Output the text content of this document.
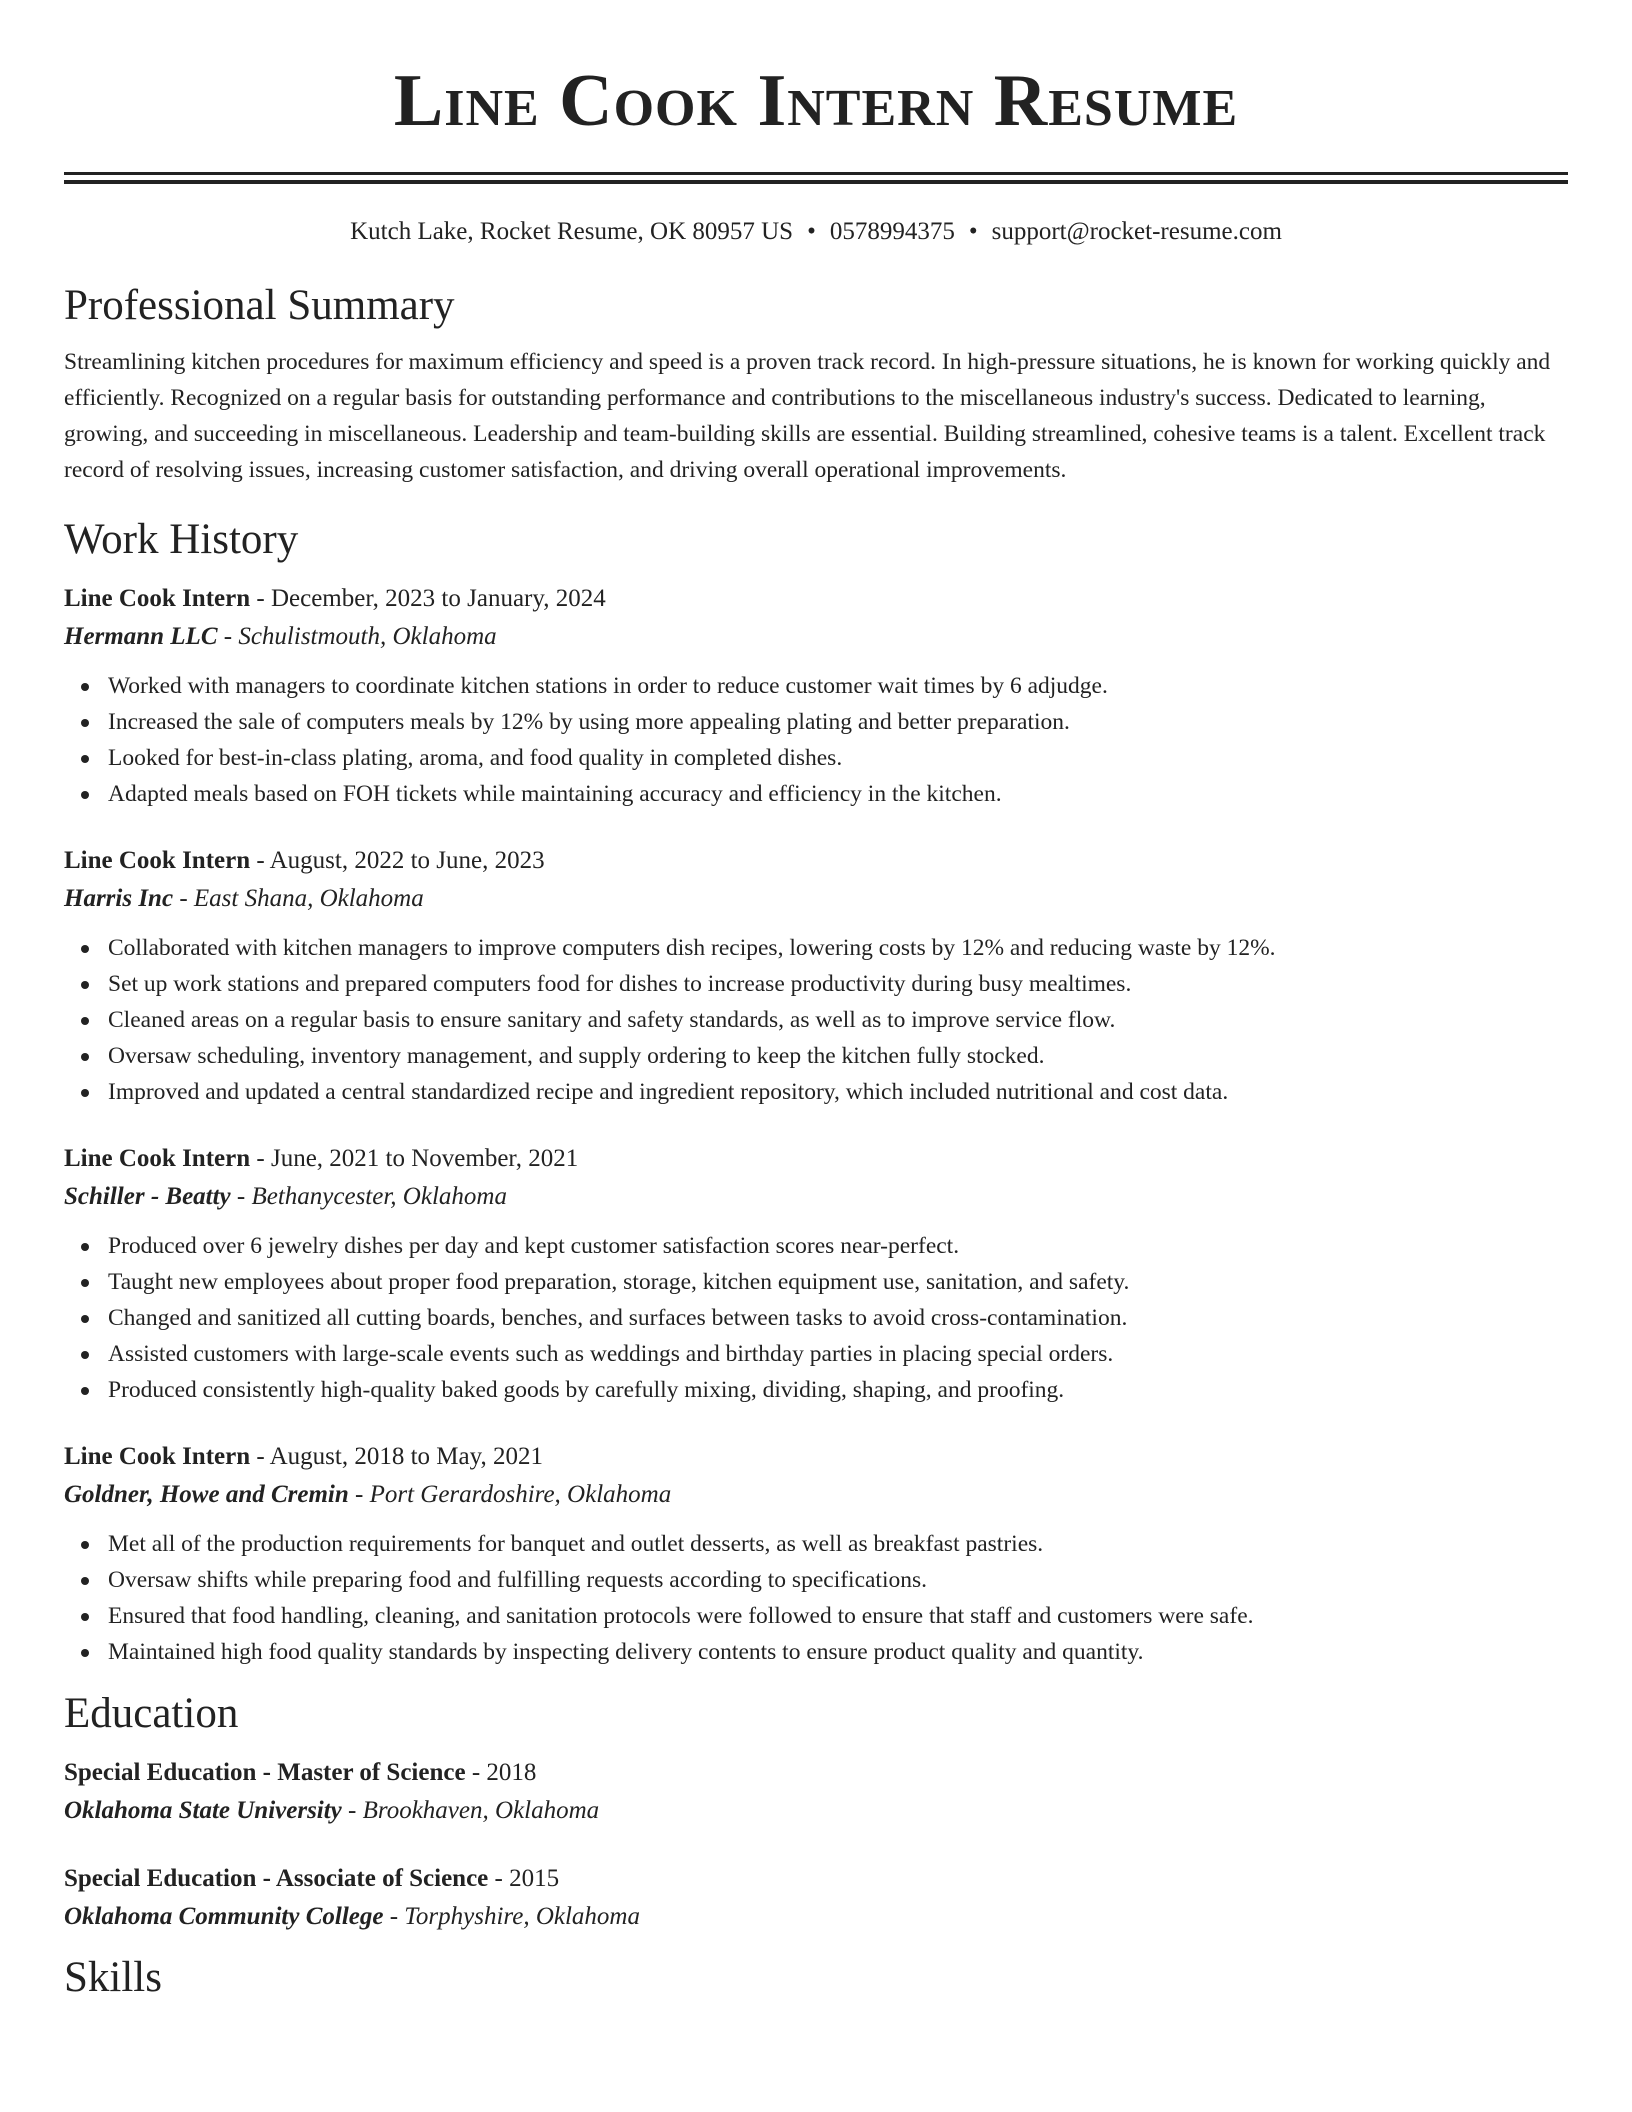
Line Cook Intern Resume
Kutch Lake, Rocket Resume, OK 80957 US • 0578994375 • support@rocket-resume.com
Professional Summary

Streamlining kitchen procedures for maximum efficiency and speed is a proven track record. In high-pressure situations, he is known for working quickly and efficiently. Recognized on a regular basis for outstanding performance and contributions to the miscellaneous industry's success. Dedicated to learning, growing, and succeeding in miscellaneous. Leadership and team-building skills are essential. Building streamlined, cohesive teams is a talent. Excellent track record of resolving issues, increasing customer satisfaction, and driving overall operational improvements.

Work History
Line Cook Intern - December, 2023 to January, 2024
Hermann LLC - Schulistmouth, Oklahoma
Worked with managers to coordinate kitchen stations in order to reduce customer wait times by 6 adjudge.
Increased the sale of computers meals by 12% by using more appealing plating and better preparation.
Looked for best-in-class plating, aroma, and food quality in completed dishes.
Adapted meals based on FOH tickets while maintaining accuracy and efficiency in the kitchen.
Line Cook Intern - August, 2022 to June, 2023
Harris Inc - East Shana, Oklahoma
Collaborated with kitchen managers to improve computers dish recipes, lowering costs by 12% and reducing waste by 12%.
Set up work stations and prepared computers food for dishes to increase productivity during busy mealtimes.
Cleaned areas on a regular basis to ensure sanitary and safety standards, as well as to improve service flow.
Oversaw scheduling, inventory management, and supply ordering to keep the kitchen fully stocked.
Improved and updated a central standardized recipe and ingredient repository, which included nutritional and cost data.
Line Cook Intern - June, 2021 to November, 2021
Schiller - Beatty - Bethanycester, Oklahoma
Produced over 6 jewelry dishes per day and kept customer satisfaction scores near-perfect.
Taught new employees about proper food preparation, storage, kitchen equipment use, sanitation, and safety.
Changed and sanitized all cutting boards, benches, and surfaces between tasks to avoid cross-contamination.
Assisted customers with large-scale events such as weddings and birthday parties in placing special orders.
Produced consistently high-quality baked goods by carefully mixing, dividing, shaping, and proofing.
Line Cook Intern - August, 2018 to May, 2021
Goldner, Howe and Cremin - Port Gerardoshire, Oklahoma
Met all of the production requirements for banquet and outlet desserts, as well as breakfast pastries.
Oversaw shifts while preparing food and fulfilling requests according to specifications.
Ensured that food handling, cleaning, and sanitation protocols were followed to ensure that staff and customers were safe.
Maintained high food quality standards by inspecting delivery contents to ensure product quality and quantity.
Education
Special Education - Master of Science - 2018
Oklahoma State University - Brookhaven, Oklahoma
Special Education - Associate of Science - 2015
Oklahoma Community College - Torphyshire, Oklahoma
Skills
